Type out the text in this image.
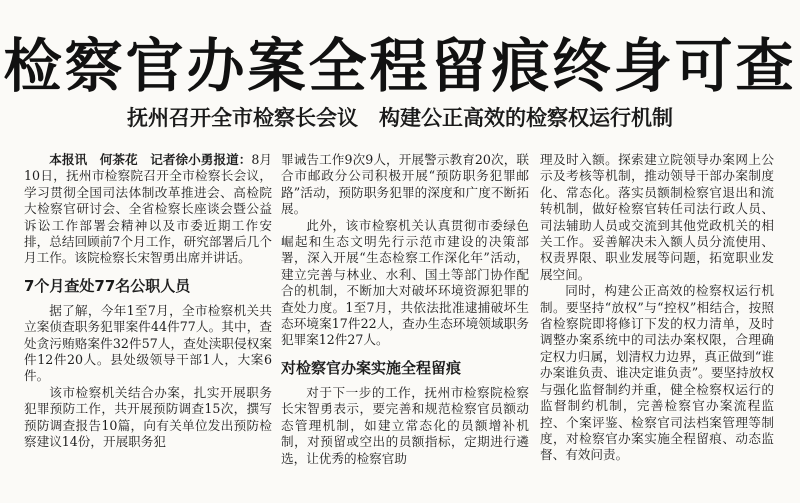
检察官办案全程留痕终身可查
抚州召开全市检察长会议　构建公正高效的检察权运行机制

本报讯　何茶花　记者徐小勇报道：8月10日，抚州市检察院召开全市检察长会议，学习贯彻全国司法体制改革推进会、高检院大检察官研讨会、全省检察长座谈会暨公益诉讼工作部署会精神以及市委近期工作安排，总结回顾前7个月工作，研究部署后几个月工作。该院检察长宋智勇出席并讲话。

7个月查处77名公职人员

据了解，今年1至7月，全市检察机关共立案侦查职务犯罪案件44件77人。其中，查处贪污贿赂案件32件57人，查处渎职侵权案件12件20人。县处级领导干部1人，大案6件。

该市检察机关结合办案，扎实开展职务犯罪预防工作，共开展预防调查15次，撰写预防调查报告10篇，向有关单位发出预防检察建议14份，开展职务犯

罪诫告工作9次9人，开展警示教育20次，联合市邮政分公司积极开展“预防职务犯罪邮路”活动，预防职务犯罪的深度和广度不断拓展。

此外，该市检察机关认真贯彻市委绿色崛起和生态文明先行示范市建设的决策部署，深入开展“生态检察工作深化年”活动，建立完善与林业、水利、国土等部门协作配合的机制，不断加大对破坏环境资源犯罪的查处力度。1至7月，共依法批准逮捕破坏生态环境案17件22人，查办生态环境领域职务犯罪案12件27人。

对检察官办案实施全程留痕

对于下一步的工作，抚州市检察院检察长宋智勇表示，要完善和规范检察官员额动态管理机制，如建立常态化的员额增补机制，对预留或空出的员额指标，定期进行遴选，让优秀的检察官助

理及时入额。探索建立院领导办案网上公示及考核等机制，推动领导干部办案制度化、常态化。落实员额制检察官退出和流转机制，做好检察官转任司法行政人员、司法辅助人员或交流到其他党政机关的相关工作。妥善解决未入额人员分流使用、权责界限、职业发展等问题，拓宽职业发展空间。

同时，构建公正高效的检察权运行机制。要坚持“放权”与“控权”相结合，按照省检察院即将修订下发的权力清单，及时调整办案系统中的司法办案权限，合理确定权力归属，划清权力边界，真正做到“谁办案谁负责、谁决定谁负责”。要坚持放权与强化监督制约并重，健全检察权运行的监督制约机制，完善检察官办案流程监控、个案评鉴、检察官司法档案管理等制度，对检察官办案实施全程留痕、动态监督、有效问责。
